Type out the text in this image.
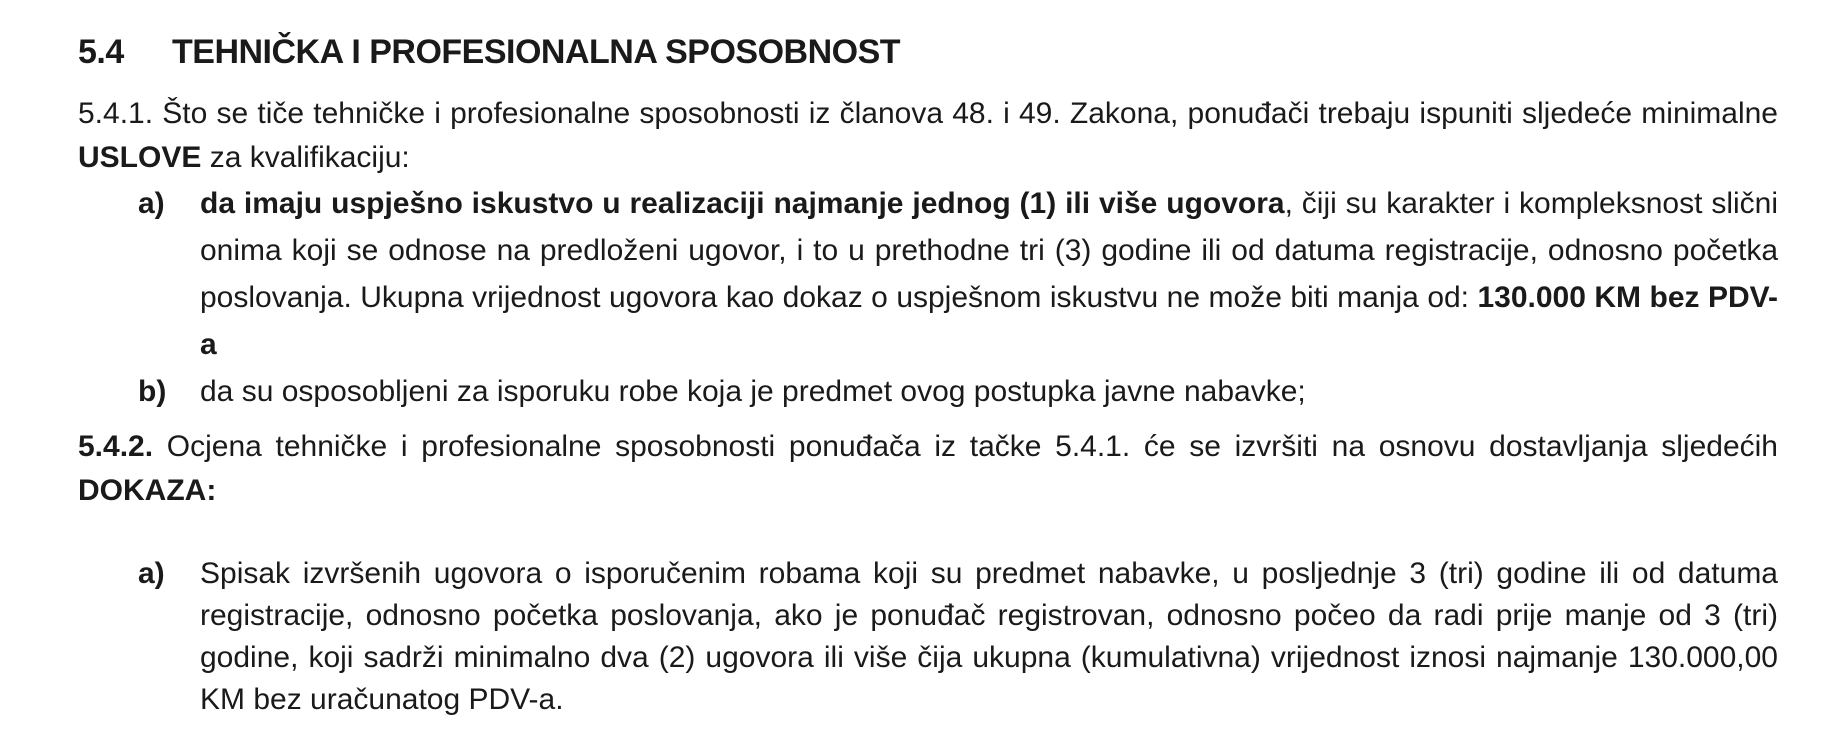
5.4 TEHNIČKA I PROFESIONALNA SPOSOBNOST

5.4.1. Što se tiče tehničke i profesionalne sposobnosti iz članova 48. i 49. Zakona, ponuđači trebaju ispuniti sljedeće minimalne USLOVE za kvalifikaciju:

a) da imaju uspješno iskustvo u realizaciji najmanje jednog (1) ili više ugovora, čiji su karakter i kompleksnost slični onima koji se odnose na predloženi ugovor, i to u prethodne tri (3) godine ili od datuma registracije, odnosno početka poslovanja. Ukupna vrijednost ugovora kao dokaz o uspješnom iskustvu ne može biti manja od: 130.000 KM bez PDV-a
b) da su osposobljeni za isporuku robe koja je predmet ovog postupka javne nabavke;

5.4.2. Ocjena tehničke i profesionalne sposobnosti ponuđača iz tačke 5.4.1. će se izvršiti na osnovu dostavljanja sljedećih DOKAZA:

a) Spisak izvršenih ugovora o isporučenim robama koji su predmet nabavke, u posljednje 3 (tri) godine ili od datuma registracije, odnosno početka poslovanja, ako je ponuđač registrovan, odnosno počeo da radi prije manje od 3 (tri) godine, koji sadrži minimalno dva (2) ugovora ili više čija ukupna (kumulativna) vrijednost iznosi najmanje 130.000,00 KM bez uračunatog PDV-a.
